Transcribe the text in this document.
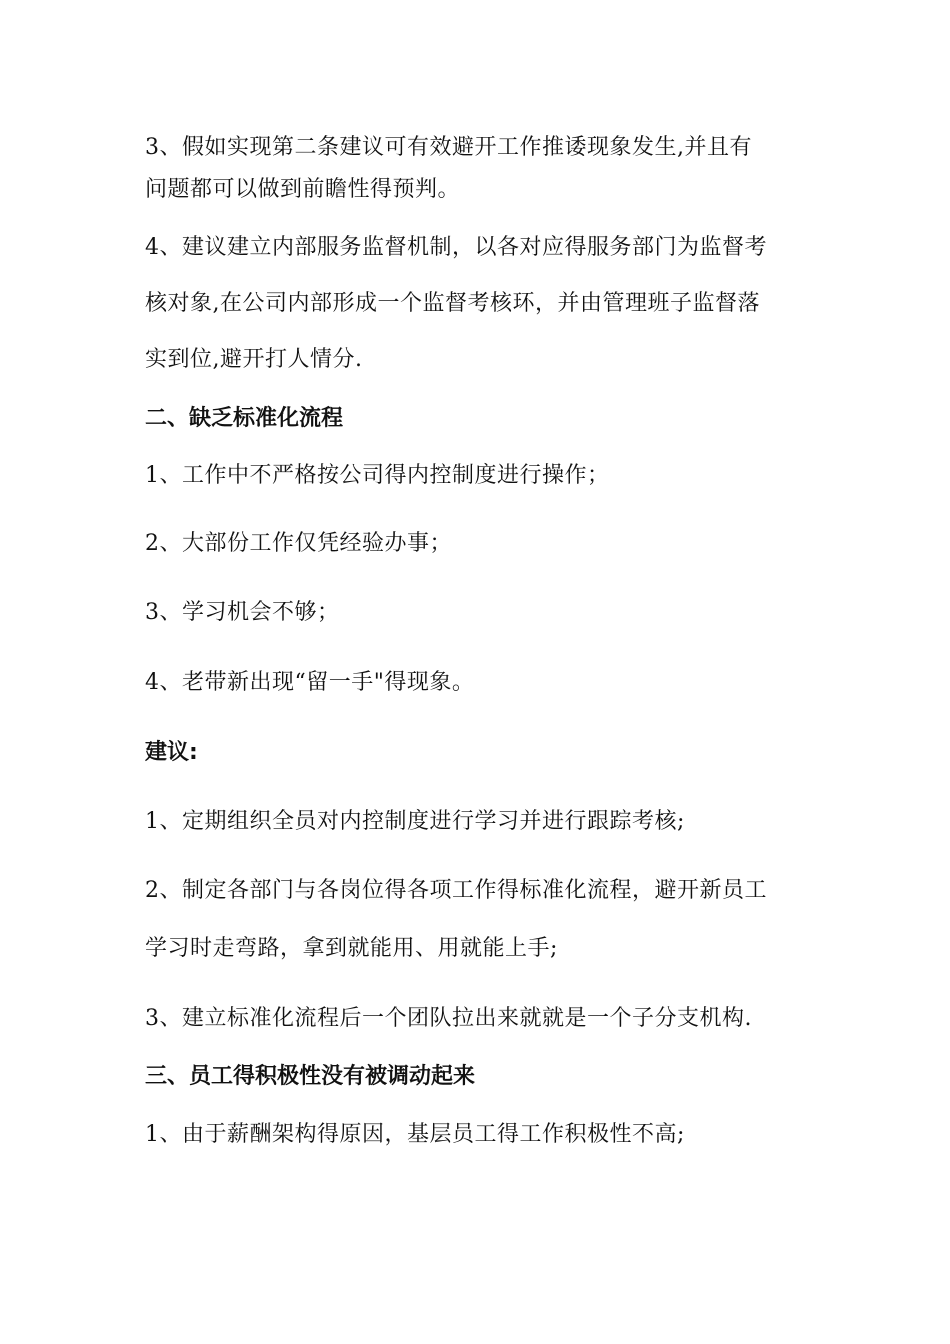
3、假如实现第二条建议可有效避开工作推诿现象发生,并且有
问题都可以做到前瞻性得预判。
4、建议建立内部服务监督机制，以各对应得服务部门为监督考
核对象,在公司内部形成一个监督考核环，并由管理班子监督落
实到位,避开打人情分.
二、缺乏标准化流程
1、工作中不严格按公司得内控制度进行操作；
2、大部份工作仅凭经验办事；
3、学习机会不够；
4、老带新出现“留一手"得现象。
建议:
1、定期组织全员对内控制度进行学习并进行跟踪考核;
2、制定各部门与各岗位得各项工作得标准化流程，避开新员工
学习时走弯路，拿到就能用、用就能上手;
3、建立标准化流程后一个团队拉出来就就是一个子分支机构.
三、员工得积极性没有被调动起来
1、由于薪酬架构得原因，基层员工得工作积极性不高;
